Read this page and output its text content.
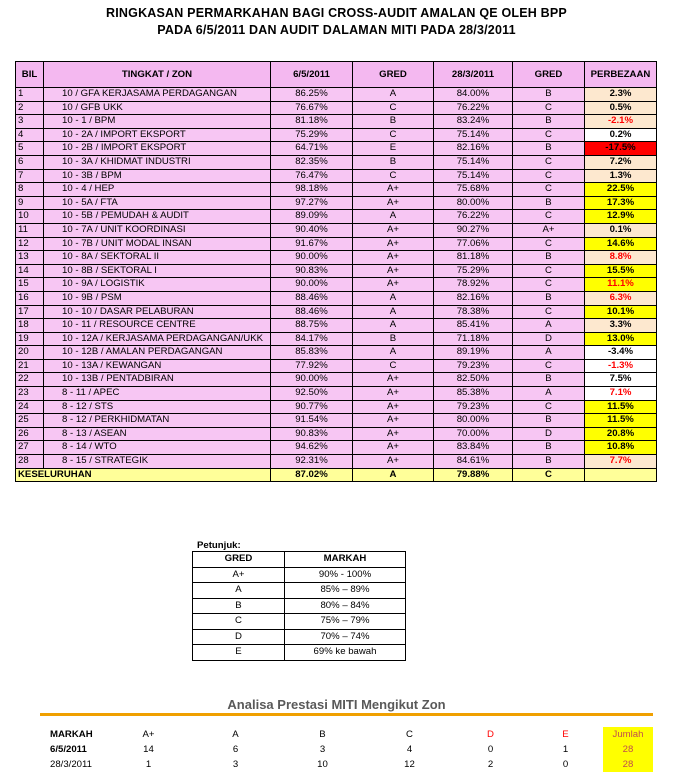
RINGKASAN PERMARKAHAN BAGI CROSS-AUDIT AMALAN QE OLEH BPP
PADA 6/5/2011 DAN AUDIT DALAMAN MITI PADA 28/3/2011
BIL	TINGKAT / ZON	6/5/2011	GRED	28/3/2011	GRED	PERBEZAAN
1	10 / GFA KERJASAMA PERDAGANGAN	86.25%	A	84.00%	B	2.3%
2	10 / GFB UKK	76.67%	C	76.22%	C	0.5%
3	10 - 1 / BPM	81.18%	B	83.24%	B	-2.1%
4	10 - 2A / IMPORT EKSPORT	75.29%	C	75.14%	C	0.2%
5	10 - 2B / IMPORT EKSPORT	64.71%	E	82.16%	B	-17.5%
6	10 - 3A / KHIDMAT INDUSTRI	82.35%	B	75.14%	C	7.2%
7	10 - 3B / BPM	76.47%	C	75.14%	C	1.3%
8	10 - 4 / HEP	98.18%	A+	75.68%	C	22.5%
9	10 - 5A / FTA	97.27%	A+	80.00%	B	17.3%
10	10 - 5B / PEMUDAH & AUDIT	89.09%	A	76.22%	C	12.9%
11	10 - 7A / UNIT KOORDINASI	90.40%	A+	90.27%	A+	0.1%
12	10 - 7B / UNIT MODAL INSAN	91.67%	A+	77.06%	C	14.6%
13	10 - 8A / SEKTORAL II	90.00%	A+	81.18%	B	8.8%
14	10 - 8B / SEKTORAL I	90.83%	A+	75.29%	C	15.5%
15	10 - 9A / LOGISTIK	90.00%	A+	78.92%	C	11.1%
16	10 - 9B / PSM	88.46%	A	82.16%	B	6.3%
17	10 - 10 / DASAR PELABURAN	88.46%	A	78.38%	C	10.1%
18	10 - 11 / RESOURCE CENTRE	88.75%	A	85.41%	A	3.3%
19	10 - 12A / KERJASAMA PERDAGANGAN/UKK	84.17%	B	71.18%	D	13.0%
20	10 - 12B / AMALAN PERDAGANGAN	85.83%	A	89.19%	A	-3.4%
21	10 - 13A / KEWANGAN	77.92%	C	79.23%	C	-1.3%
22	10 - 13B / PENTADBIRAN	90.00%	A+	82.50%	B	7.5%
23	8 - 11 / APEC	92.50%	A+	85.38%	A	7.1%
24	8 - 12 / STS	90.77%	A+	79.23%	C	11.5%
25	8 - 12 / PERKHIDMATAN	91.54%	A+	80.00%	B	11.5%
26	8 - 13 / ASEAN	90.83%	A+	70.00%	D	20.8%
27	8 - 14 / WTO	94.62%	A+	83.84%	B	10.8%
28	8 - 15 / STRATEGIK	92.31%	A+	84.61%	B	7.7%
KESELURUHAN		87.02%	A	79.88%	C	
Petunjuk:
GRED	MARKAH
A+	90% - 100%
A	85% – 89%
B	80% – 84%
C	75% – 79%
D	70% – 74%
E	69% ke bawah
Analisa Prestasi MITI Mengikut Zon
MARKAH	A+	A	B	C	D	E	Jumlah
6/5/2011	14	6	3	4	0	1	28
28/3/2011	1	3	10	12	2	0	28
